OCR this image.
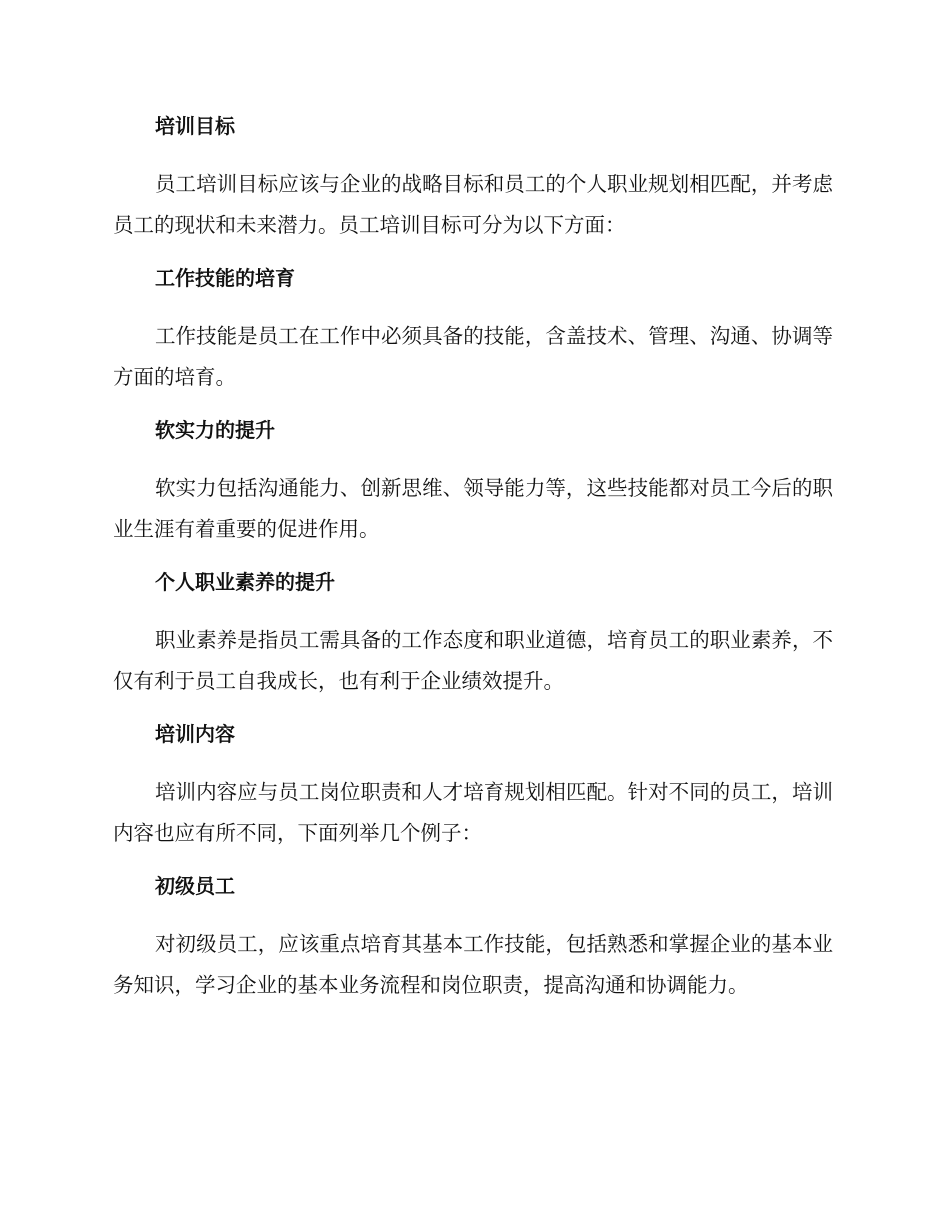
培训目标

员工培训目标应该与企业的战略目标和员工的个人职业规划相匹配，并考虑员工的现状和未来潜力。员工培训目标可分为以下方面：

工作技能的培育

工作技能是员工在工作中必须具备的技能，含盖技术、管理、沟通、协调等方面的培育。

软实力的提升

软实力包括沟通能力、创新思维、领导能力等，这些技能都对员工今后的职业生涯有着重要的促进作用。

个人职业素养的提升

职业素养是指员工需具备的工作态度和职业道德，培育员工的职业素养，不仅有利于员工自我成长，也有利于企业绩效提升。

培训内容

培训内容应与员工岗位职责和人才培育规划相匹配。针对不同的员工，培训内容也应有所不同，下面列举几个例子：

初级员工

对初级员工，应该重点培育其基本工作技能，包括熟悉和掌握企业的基本业务知识，学习企业的基本业务流程和岗位职责，提高沟通和协调能力。
